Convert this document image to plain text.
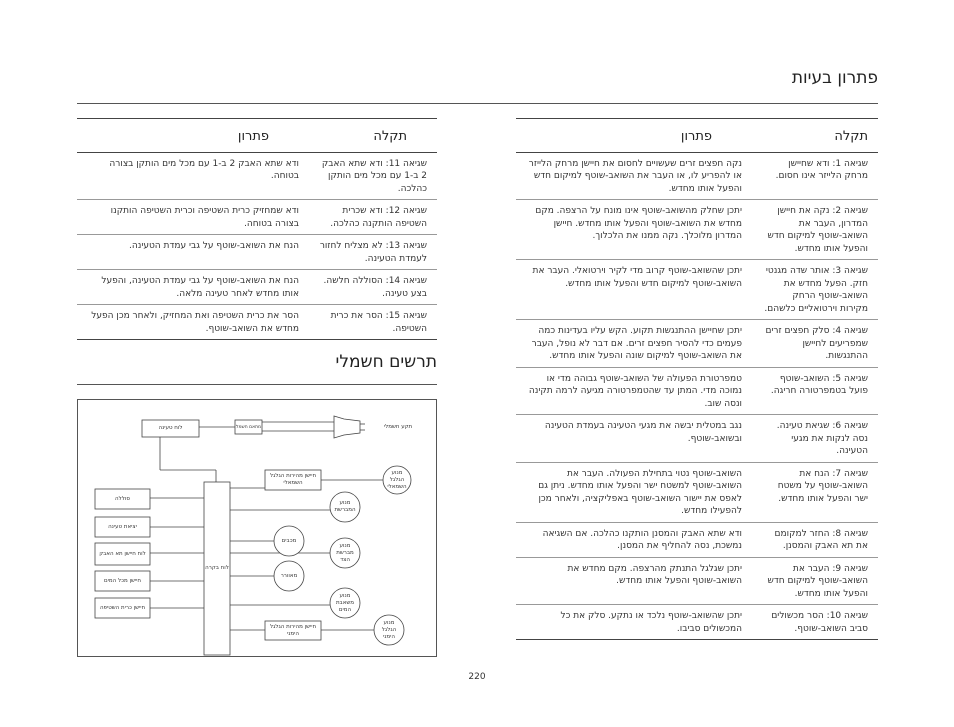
פתרון בעיות
תקלה	פתרון
שגיאה 1: ודא שחיישן מרחק הלייזר אינו חסום.	נקה חפצים זרים שעשויים לחסום את חיישן מרחק הלייזר או להפריע לו, או העבר את השואב-שוטף למיקום חדש והפעל אותו מחדש.
שגיאה 2: נקה את חיישן המדרון, העבר את השואב-שוטף למיקום חדש והפעל אותו מחדש.	יתכן שחלק מהשואב-שוטף אינו מונח על הרצפה. מקם מחדש את השואב-שוטף והפעל אותו מחדש. חיישן המדרון מלוכלך. נקה ממנו את הלכלוך.
שגיאה 3: אותר שדה מגנטי חזק. הפעל מחדש את השואב-שוטף הרחק מקירות וירטואליים כלשהם.	יתכן שהשואב-שוטף קרוב מדי לקיר וירטואלי. העבר את השואב-שוטף למיקום חדש והפעל אותו מחדש.
שגיאה 4: סלק חפצים זרים שמפריעים לחיישן ההתנגשות.	יתכן שחיישן ההתנגשות תקוע. הקש עליו בעדינות כמה פעמים כדי להסיר חפצים זרים. אם דבר לא נופל, העבר את השואב-שוטף למיקום שונה והפעל אותו מחדש.
שגיאה 5: השואב-שוטף פועל בטמפרטורה חריגה.	טמפרטורת הפעולה של השואב-שוטף גבוהה מדי או נמוכה מדי. המתן עד שהטמפרטורה מגיעה לרמה תקינה ונסה שוב.
שגיאה 6: שגיאת טעינה. נסה לנקות את מגעי הטעינה.	נגב במטלית יבשה את מגעי הטעינה בעמדת הטעינה ובשואב-שוטף.
שגיאה 7: הנח את השואב-שוטף על משטח ישר והפעל אותו מחדש.	השואב-שוטף נטוי בתחילת הפעולה. העבר את השואב-שוטף למשטח ישר והפעל אותו מחדש. ניתן גם לאפס את יישור השואב-שוטף באפליקציה, ולאחר מכן להפעילו מחדש.
שגיאה 8: החזר למקומם את תא האבק והמסנן.	ודא שתא האבק והמסנן הותקנו כהלכה. אם השגיאה נמשכת, נסה להחליף את המסנן.
שגיאה 9: העבר את השואב-שוטף למיקום חדש והפעל אותו מחדש.	יתכן שגלגל התנתק מהרצפה. מקם מחדש את השואב-שוטף והפעל אותו מחדש.
שגיאה 10: הסר מכשולים סביב השואב-שוטף.	יתכן שהשואב-שוטף נלכד או נתקע. סלק את כל המכשולים סביבו.
תקלה	פתרון
שגיאה 11: ודא שתא האבק 2 ב-1 עם מכל מים הותקן כהלכה.	ודא שתא האבק 2 ב-1 עם מכל מים הותקן בצורה בטוחה.
שגיאה 12: ודא שכרית השטיפה הותקנה כהלכה.	ודא שמחזיק כרית השטיפה וכרית השטיפה הותקנו בצורה בטוחה.
שגיאה 13: לא מצליח לחזור לעמדת הטעינה.	הנח את השואב-שוטף על גבי עמדת הטעינה.
שגיאה 14: הסוללה חלשה. בצע טעינה.	הנח את השואב-שוטף על גבי עמדת הטעינה, והפעל אותו מחדש לאחר טעינה מלאה.
שגיאה 15: הסר את כרית השטיפה.	הסר את כרית השטיפה ואת המחזיק, ולאחר מכן הפעל מחדש את השואב-שוטף.
תרשים חשמלי
לוח טעינה	מתאם חשמל	תקע חשמלי
לוח בקרה
סוללה
יציאת טעינה
לוח חיישן תא האבק
חיישן מכל המים
חיישן כרית השטיפה
חיישן מהירות הגלגל השמאלי
חיישן מהירות הגלגל הימני
מנוע הגלגל השמאלי
מנוע המברשת
מכבים
מנוע מברשת הצד
מאוורר
מנוע משאבת המים
מנוע הגלגל הימני
220
